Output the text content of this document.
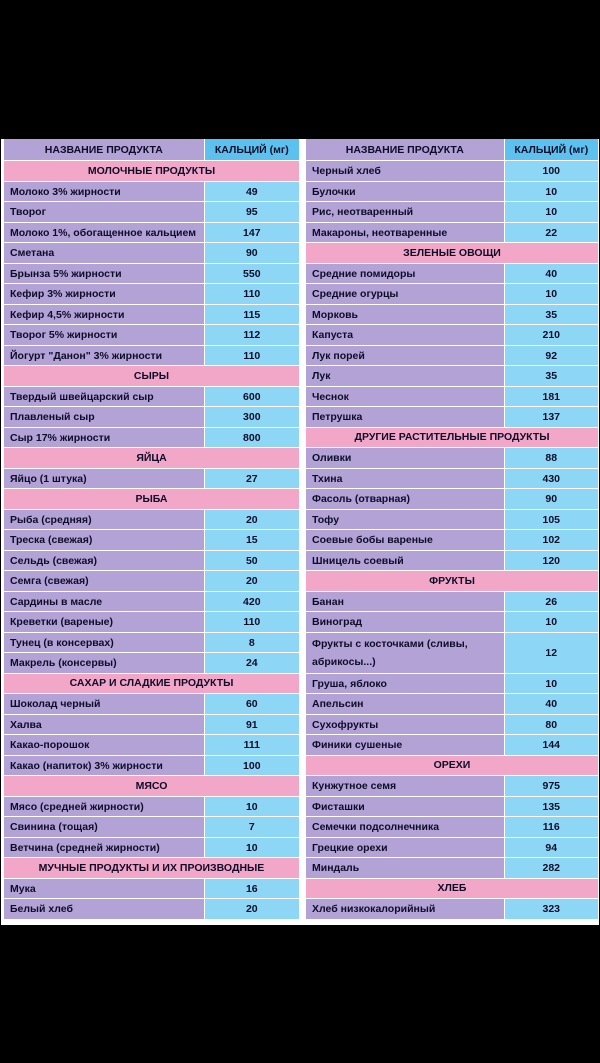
НАЗВАНИЕ ПРОДУКТА	КАЛЬЦИЙ (мг)
МОЛОЧНЫЕ ПРОДУКТЫ
Молоко 3% жирности	49
Творог	95
Молоко 1%, обогащенное кальцием	147
Сметана	90
Брынза 5% жирности	550
Кефир 3% жирности	110
Кефир 4,5% жирности	115
Творог 5% жирности	112
Йогурт "Данон" 3% жирности	110
СЫРЫ
Твердый швейцарский сыр	600
Плавленый сыр	300
Сыр 17% жирности	800
ЯЙЦА
Яйцо (1 штука)	27
РЫБА
Рыба (средняя)	20
Треска (свежая)	15
Сельдь (свежая)	50
Семга (свежая)	20
Сардины в масле	420
Креветки (вареные)	110
Тунец (в консервах)	8
Макрель (консервы)	24
САХАР И СЛАДКИЕ ПРОДУКТЫ
Шоколад черный	60
Халва	91
Какао-порошок	111
Какао (напиток) 3% жирности	100
МЯСО
Мясо (средней жирности)	10
Свинина (тощая)	7
Ветчина (средней жирности)	10
МУЧНЫЕ ПРОДУКТЫ И ИХ ПРОИЗВОДНЫЕ
Мука	16
Белый хлеб	20
НАЗВАНИЕ ПРОДУКТА	КАЛЬЦИЙ (мг)
Черный хлеб	100
Булочки	10
Рис, неотваренный	10
Макароны, неотваренные	22
ЗЕЛЕНЫЕ ОВОЩИ
Средние помидоры	40
Средние огурцы	10
Морковь	35
Капуста	210
Лук порей	92
Лук	35
Чеснок	181
Петрушка	137
ДРУГИЕ РАСТИТЕЛЬНЫЕ ПРОДУКТЫ
Оливки	88
Тхина	430
Фасоль (отварная)	90
Тофу	105
Соевые бобы вареные	102
Шницель соевый	120
ФРУКТЫ
Банан	26
Виноград	10
Фрукты с косточками (сливы, абрикосы...)
12
Груша, яблоко	10
Апельсин	40
Сухофрукты	80
Финики сушеные	144
ОРЕХИ
Кунжутное семя	975
Фисташки	135
Семечки подсолнечника	116
Грецкие орехи	94
Миндаль	282
ХЛЕБ
Хлеб низкокалорийный	323
